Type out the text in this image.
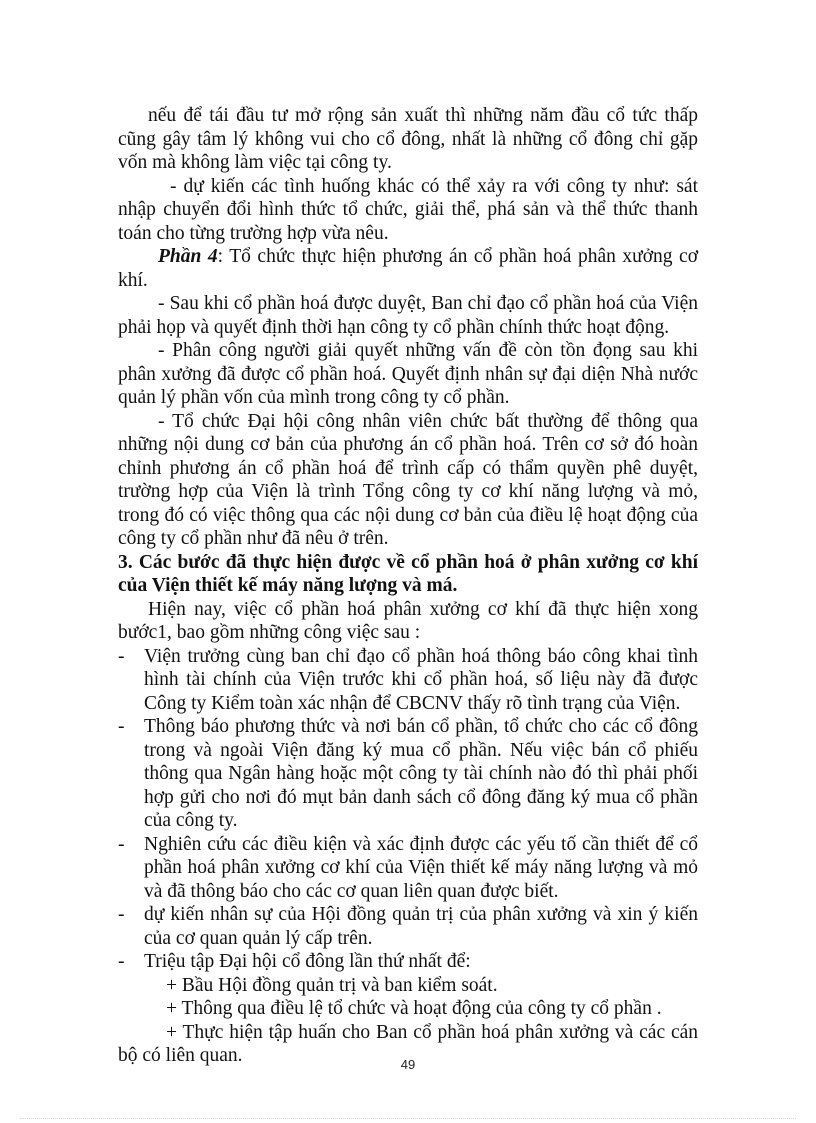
nếu để tái đầu tư mở rộng sản xuất thì những năm đầu cổ tức thấp cũng gây tâm lý không vui cho cổ đông, nhất là những cổ đông chỉ gặp vốn mà không làm việc tại công ty.

- dự kiến các tình huống khác có thể xảy ra với công ty như: sát nhập chuyển đổi hình thức tổ chức, giải thể, phá sản và thể thức thanh toán cho từng trường hợp vừa nêu.

Phần 4: Tổ chức thực hiện phương án cổ phần hoá phân xưởng cơ khí.

- Sau khi cổ phần hoá được duyệt, Ban chỉ đạo cổ phần hoá của Viện phải họp và quyết định thời hạn công ty cổ phần chính thức hoạt động.

- Phân công người giải quyết những vấn đề còn tồn đọng sau khi phân xưởng đã được cổ phần hoá. Quyết định nhân sự đại diện Nhà nước quản lý phần vốn của mình trong công ty cổ phần.

- Tổ chức Đại hội công nhân viên chức bất thường để thông qua những nội dung cơ bản của phương án cổ phần hoá. Trên cơ sở đó hoàn chỉnh phương án cổ phần hoá để trình cấp có thẩm quyền phê duyệt, trường hợp của Viện là trình Tổng công ty cơ khí năng lượng và mỏ, trong đó có việc thông qua các nội dung cơ bản của điều lệ hoạt động của công ty cổ phần như đã nêu ở trên.

3. Các bước đã thực hiện được về cổ phần hoá ở phân xưởng cơ khí của Viện thiết kế máy năng lượng và má.

Hiện nay, việc cổ phần hoá phân xưởng cơ khí đã thực hiện xong bước1, bao gồm những công việc sau :

-	Viện trưởng cùng ban chỉ đạo cổ phần hoá thông báo công khai tình hình tài chính của Viện trước khi cổ phần hoá, số liệu này đã được Công ty Kiểm toàn xác nhận để CBCNV thấy rõ tình trạng của Viện.
-	Thông báo phương thức và nơi bán cổ phần, tổ chức cho các cổ đông trong và ngoài Viện đăng ký mua cổ phần. Nếu việc bán cổ phiếu thông qua Ngân hàng hoặc một công ty tài chính nào đó thì phải phối hợp gửi cho nơi đó mụt bản danh sách cổ đông đăng ký mua cổ phần của công ty.
-	Nghiên cứu các điều kiện và xác định được các yếu tố cần thiết để cổ phần hoá phân xưởng cơ khí của Viện thiết kế máy năng lượng và mỏ và đã thông báo cho các cơ quan liên quan được biết.
-	dự kiến nhân sự của Hội đồng quản trị của phân xưởng và xin ý kiến của cơ quan quản lý cấp trên.
-	Triệu tập Đại hội cổ đông lần thứ nhất để:

+ Bầu Hội đồng quản trị và ban kiểm soát.

+ Thông qua điều lệ tổ chức và hoạt động của công ty cổ phần .

+ Thực hiện tập huấn cho Ban cổ phần hoá phân xưởng và các cán bộ có liên quan.	49
